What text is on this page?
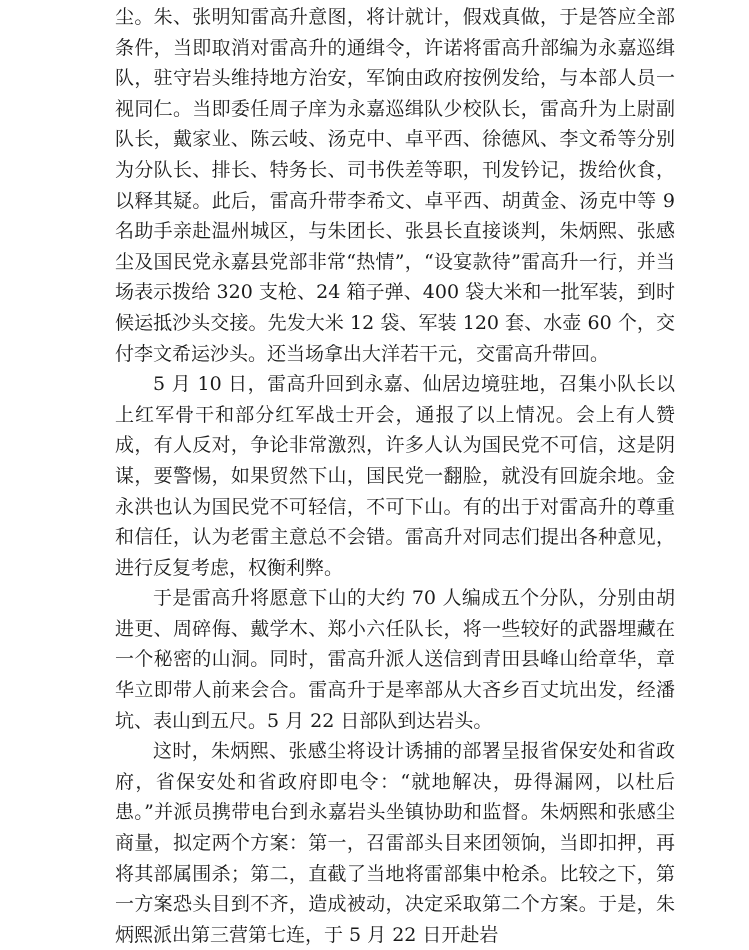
尘。朱、张明知雷高升意图，将计就计，假戏真做，于是答应全部条件，当即取消对雷高升的通缉令，许诺将雷高升部编为永嘉巡缉队，驻守岩头维持地方治安，军饷由政府按例发给，与本部人员一视同仁。当即委任周子庠为永嘉巡缉队少校队长，雷高升为上尉副队长，戴家业、陈云岐、汤克中、卓平西、徐德风、李文希等分别为分队长、排长、特务长、司书佚差等职，刊发钤记，拨给伙食，以释其疑。此后，雷高升带李希文、卓平西、胡黄金、汤克中等 9 名助手亲赴温州城区，与朱团长、张县长直接谈判，朱炳熙、张感尘及国民党永嘉县党部非常“热情”，“设宴款待”雷高升一行，并当场表示拨给 320 支枪、24 箱子弹、400 袋大米和一批军装，到时候运抵沙头交接。先发大米 12 袋、军装 120 套、水壶 60 个，交付李文希运沙头。还当场拿出大洋若干元，交雷高升带回。

5 月 10 日，雷高升回到永嘉、仙居边境驻地，召集小队长以上红军骨干和部分红军战士开会，通报了以上情况。会上有人赞成，有人反对，争论非常激烈，许多人认为国民党不可信，这是阴谋，要警惕，如果贸然下山，国民党一翻脸，就没有回旋余地。金永洪也认为国民党不可轻信，不可下山。有的出于对雷高升的尊重和信任，认为老雷主意总不会错。雷高升对同志们提出各种意见，进行反复考虑，权衡利弊。

于是雷高升将愿意下山的大约 70 人编成五个分队，分别由胡进更、周碎侮、戴学木、郑小六任队长，将一些较好的武器埋藏在一个秘密的山洞。同时，雷高升派人送信到青田县峰山给章华，章华立即带人前来会合。雷高升于是率部从大吝乡百丈坑出发，经潘坑、表山到五尺。5 月 22 日部队到达岩头。

这时，朱炳熙、张感尘将设计诱捕的部署呈报省保安处和省政府，省保安处和省政府即电令：“就地解决，毋得漏网，以杜后患。”并派员携带电台到永嘉岩头坐镇协助和监督。朱炳熙和张感尘商量，拟定两个方案：第一，召雷部头目来团领饷，当即扣押，再将其部属围杀；第二，直截了当地将雷部集中枪杀。比较之下，第一方案恐头目到不齐，造成被动，决定采取第二个方案。于是，朱炳熙派出第三营第七连，于 5 月 22 日开赴岩
